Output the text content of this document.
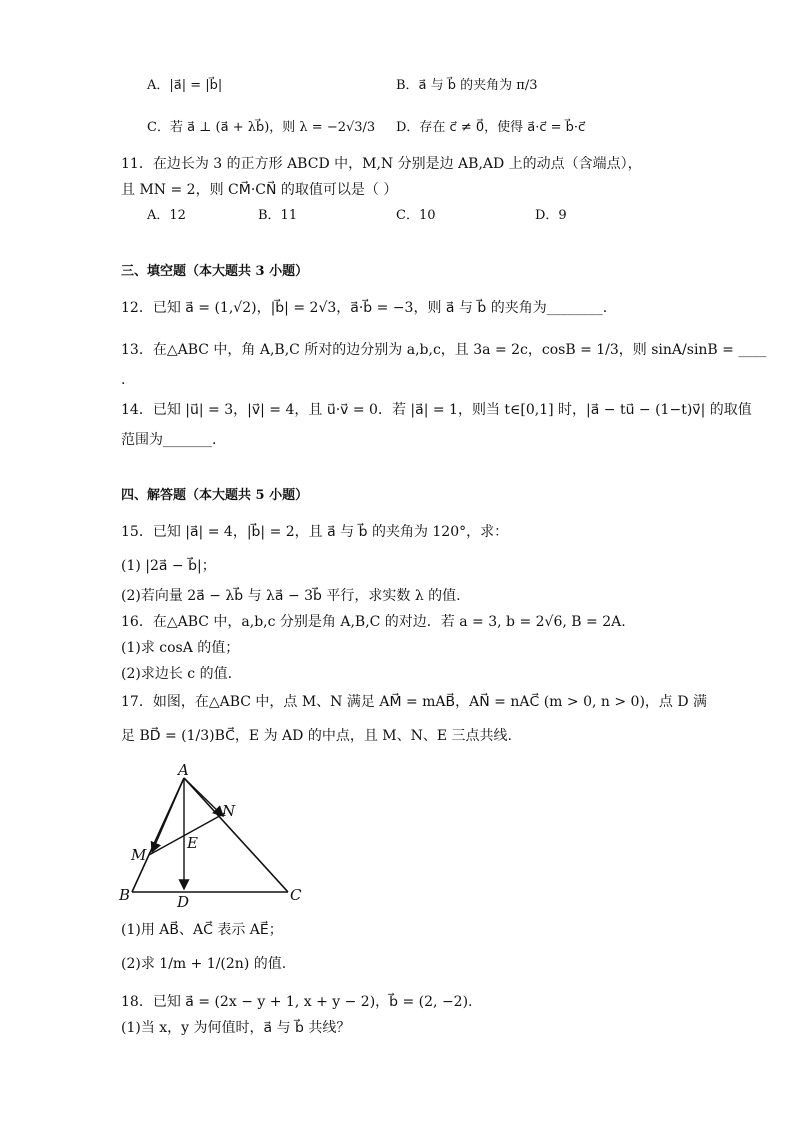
A．|a⃗| = |b⃗|	B．a⃗ 与 b⃗ 的夹角为 π/3
C．若 a⃗ ⊥ (a⃗ + λb⃗)，则 λ = −2√3/3 D．存在 c⃗ ≠ 0⃗，使得 a⃗·c⃗ = b⃗·c⃗
11．在边长为 3 的正方形 ABCD 中，M,N 分别是边 AB,AD 上的动点（含端点），
且 MN = 2，则 CM⃗·CN⃗ 的取值可以是（ ）
A．12	B．11	C．10	D．9
三、填空题（本大题共 3 小题）
12．已知 a⃗ = (1,√2)，|b⃗| = 2√3，a⃗·b⃗ = −3，则 a⃗ 与 b⃗ 的夹角为________.
13．在△ABC 中，角 A,B,C 所对的边分别为 a,b,c，且 3a = 2c，cosB = 1/3，则 sinA/sinB = ____
.
14．已知 |u⃗| = 3，|v⃗| = 4，且 u⃗·v⃗ = 0．若 |a⃗| = 1，则当 t∈[0,1] 时，|a⃗ − tu⃗ − (1−t)v⃗| 的取值
范围为_______.
四、解答题（本大题共 5 小题）
15．已知 |a⃗| = 4，|b⃗| = 2，且 a⃗ 与 b⃗ 的夹角为 120°，求：
(1) |2a⃗ − b⃗|；
(2)若向量 2a⃗ − λb⃗ 与 λa⃗ − 3b⃗ 平行，求实数 λ 的值.
16．在△ABC 中，a,b,c 分别是角 A,B,C 的对边．若 a = 3, b = 2√6, B = 2A.
(1)求 cosA 的值；
(2)求边长 c 的值.
17．如图，在△ABC 中，点 M、N 满足 AM⃗ = mAB⃗，AN⃗ = nAC⃗ (m > 0, n > 0)，点 D 满
足 BD⃗ = (1/3)BC⃗，E 为 AD 的中点，且 M、N、E 三点共线.
A
B	C
D
E
M
N
(1)用 AB⃗、AC⃗ 表示 AE⃗；
(2)求 1/m + 1/(2n) 的值.
18．已知 a⃗ = (2x − y + 1, x + y − 2)，b⃗ = (2, −2).
(1)当 x，y 为何值时，a⃗ 与 b⃗ 共线？
